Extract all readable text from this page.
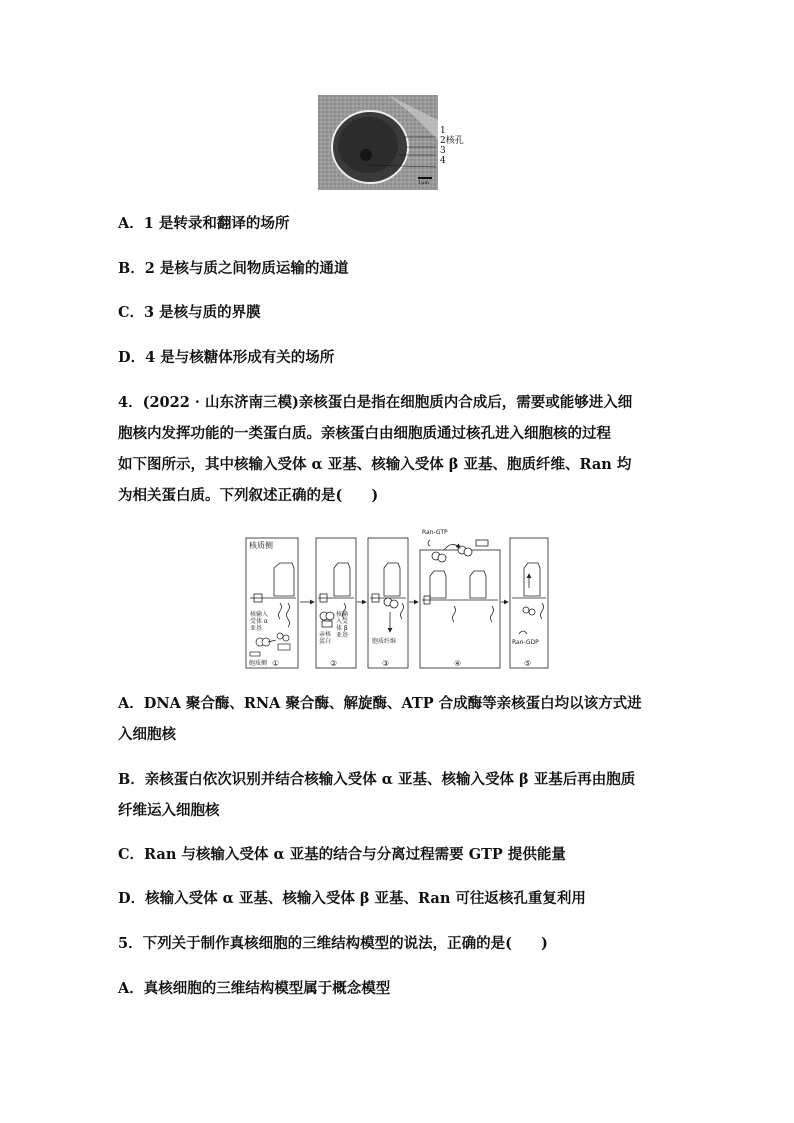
1
2核孔
3
4
1μm
A．1 是转录和翻译的场所
B．2 是核与质之间物质运输的通道
C．3 是核与质的界膜
D．4 是与核糖体形成有关的场所
4．(2022 · 山东济南三模)亲核蛋白是指在细胞质内合成后，需要或能够进入细
胞核内发挥功能的一类蛋白质。亲核蛋白由细胞质通过核孔进入细胞核的过程
如下图所示，其中核输入受体 α 亚基、核输入受体 β 亚基、胞质纤维、Ran 均
为相关蛋白质。下列叙述正确的是(　　)
核质侧
核输入
受体 α
亚基
胞质侧 ①
核输
入受
体 β
亚基
亲核
蛋白
②
胞质纤维
③
Ran-GTP
④
Ran-GDP
⑤
A．DNA 聚合酶、RNA 聚合酶、解旋酶、ATP 合成酶等亲核蛋白均以该方式进
入细胞核
B．亲核蛋白依次识别并结合核输入受体 α 亚基、核输入受体 β 亚基后再由胞质
纤维运入细胞核
C．Ran 与核输入受体 α 亚基的结合与分离过程需要 GTP 提供能量
D．核输入受体 α 亚基、核输入受体 β 亚基、Ran 可往返核孔重复利用
5．下列关于制作真核细胞的三维结构模型的说法，正确的是(　　)
A．真核细胞的三维结构模型属于概念模型
